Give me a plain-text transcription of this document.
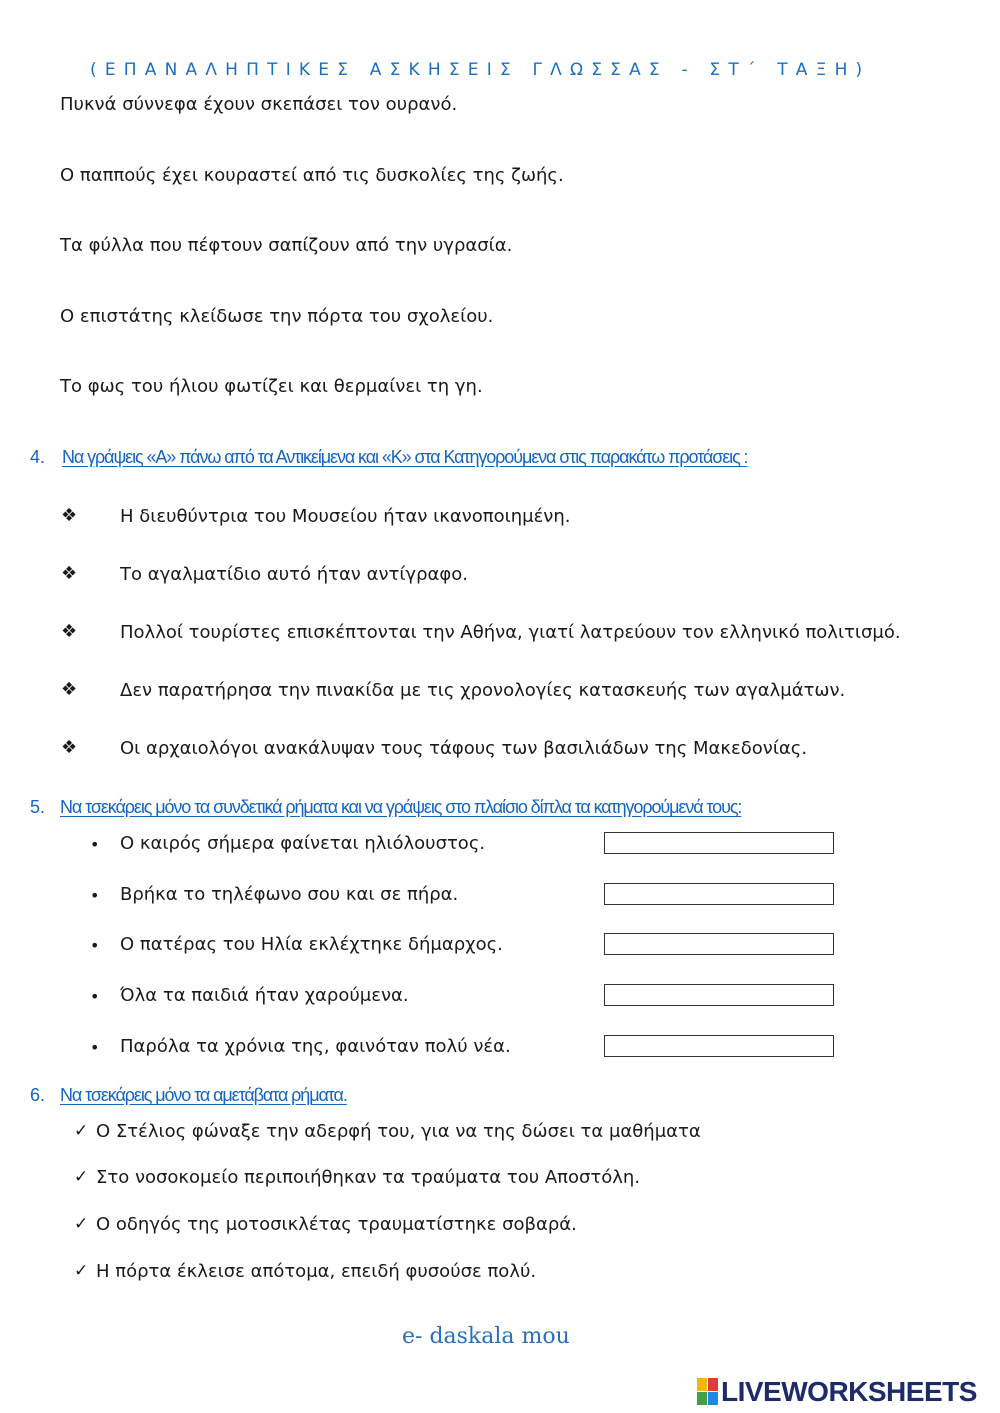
(ΕΠΑΝΑΛΗΠΤΙΚΕΣ ΑΣΚΗΣΕΙΣ ΓΛΩΣΣΑΣ - ΣΤ΄ ΤΑΞΗ)
Πυκνά σύννεφα έχουν σκεπάσει τον ουρανό.
Ο παππούς έχει κουραστεί από τις δυσκολίες της ζωής.
Τα φύλλα που πέφτουν σαπίζουν από την υγρασία.
Ο επιστάτης κλείδωσε την πόρτα του σχολείου.
Το φως του ήλιου φωτίζει και θερμαίνει τη γη.
4. Να γράψεις «Α» πάνω από τα Αντικείμενα και «Κ» στα Κατηγορούμενα στις παρακάτω προτάσεις :
❖ Η διευθύντρια του Μουσείου ήταν ικανοποιημένη.
❖ Το αγαλματίδιο αυτό ήταν αντίγραφο.
❖ Πολλοί τουρίστες επισκέπτονται την Αθήνα, γιατί λατρεύουν τον ελληνικό πολιτισμό.
❖ Δεν παρατήρησα την πινακίδα με τις χρονολογίες κατασκευής των αγαλμάτων.
❖ Οι αρχαιολόγοι ανακάλυψαν τους τάφους των βασιλιάδων της Μακεδονίας.
5. Να τσεκάρεις μόνο τα συνδετικά ρήματα και να γράψεις στο πλαίσιο δίπλα τα κατηγορούμενά τους:
• Ο καιρός σήμερα φαίνεται ηλιόλουστος.
• Βρήκα το τηλέφωνο σου και σε πήρα.
• Ο πατέρας του Ηλία εκλέχτηκε δήμαρχος.
• Όλα τα παιδιά ήταν χαρούμενα.
• Παρόλα τα χρόνια της, φαινόταν πολύ νέα.
6. Να τσεκάρεις μόνο τα αμετάβατα ρήματα.
✓ Ο Στέλιος φώναξε την αδερφή του, για να της δώσει τα μαθήματα
✓ Στο νοσοκομείο περιποιήθηκαν τα τραύματα του Αποστόλη.
✓ Ο οδηγός της μοτοσικλέτας τραυματίστηκε σοβαρά.
✓ Η πόρτα έκλεισε απότομα, επειδή φυσούσε πολύ.
e- daskala mou
LIVEWORKSHEETS
